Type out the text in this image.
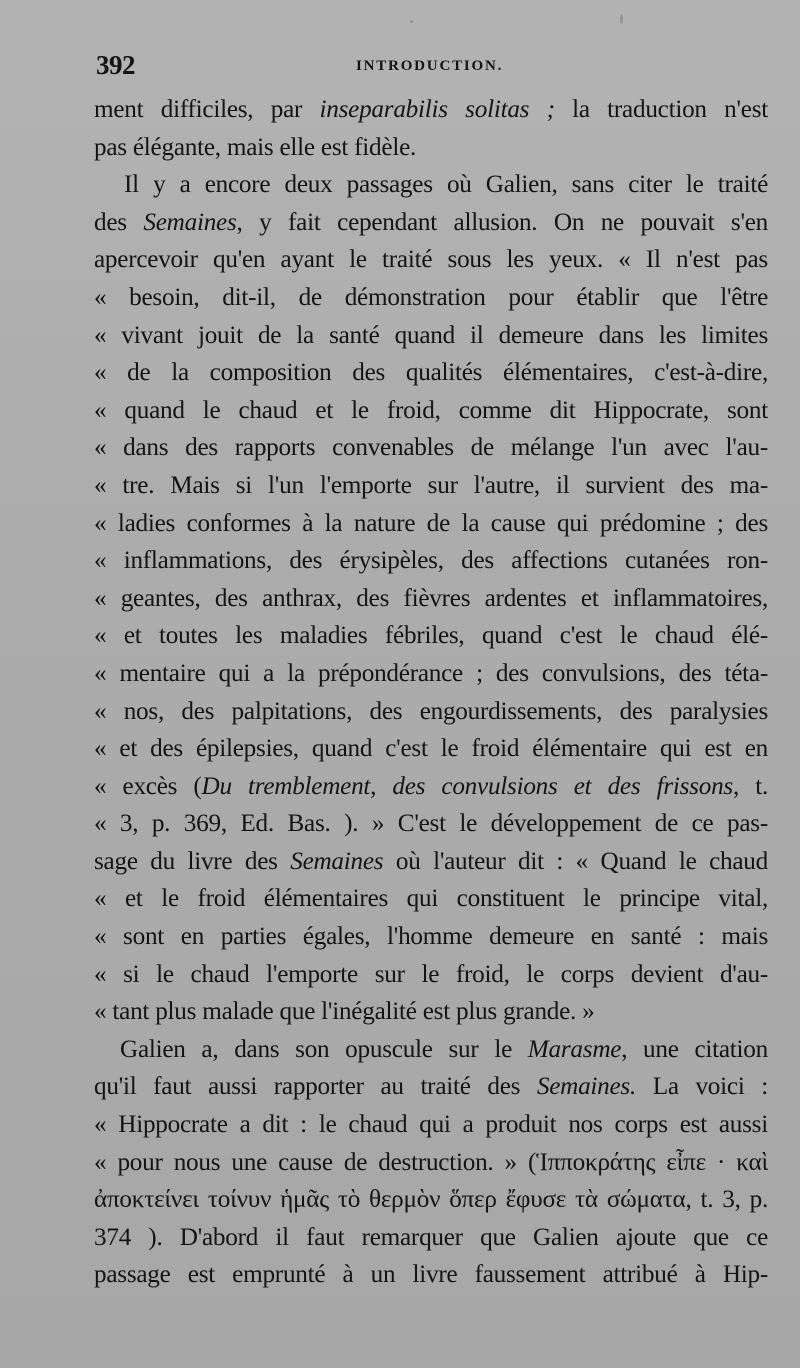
392	INTRODUCTION.
ment difficiles, par inseparabilis solitas ; la traduction n'est
pas élégante, mais elle est fidèle.
Il y a encore deux passages où Galien, sans citer le traité
des Semaines, y fait cependant allusion. On ne pouvait s'en
apercevoir qu'en ayant le traité sous les yeux. « Il n'est pas
« besoin, dit-il, de démonstration pour établir que l'être
« vivant jouit de la santé quand il demeure dans les limites
« de la composition des qualités élémentaires, c'est-à-dire,
« quand le chaud et le froid, comme dit Hippocrate, sont
« dans des rapports convenables de mélange l'un avec l'au-
« tre. Mais si l'un l'emporte sur l'autre, il survient des ma-
« ladies conformes à la nature de la cause qui prédomine ; des
« inflammations, des érysipèles, des affections cutanées ron-
« geantes, des anthrax, des fièvres ardentes et inflammatoires,
« et toutes les maladies fébriles, quand c'est le chaud élé-
« mentaire qui a la prépondérance ; des convulsions, des téta-
« nos, des palpitations, des engourdissements, des paralysies
« et des épilepsies, quand c'est le froid élémentaire qui est en
« excès (Du tremblement, des convulsions et des frissons, t.
« 3, p. 369, Ed. Bas. ). » C'est le développement de ce pas-
sage du livre des Semaines où l'auteur dit : « Quand le chaud
« et le froid élémentaires qui constituent le principe vital,
« sont en parties égales, l'homme demeure en santé : mais
« si le chaud l'emporte sur le froid, le corps devient d'au-
« tant plus malade que l'inégalité est plus grande. »
Galien a, dans son opuscule sur le Marasme, une citation
qu'il faut aussi rapporter au traité des Semaines. La voici :
« Hippocrate a dit : le chaud qui a produit nos corps est aussi
« pour nous une cause de destruction. » (Ἱπποκράτης εἶπε · καὶ
ἀποκτείνει τοίνυν ἡμᾶς τὸ θερμὸν ὅπερ ἔφυσε τὰ σώματα, t. 3, p.
374 ). D'abord il faut remarquer que Galien ajoute que ce
passage est emprunté à un livre faussement attribué à Hip-
